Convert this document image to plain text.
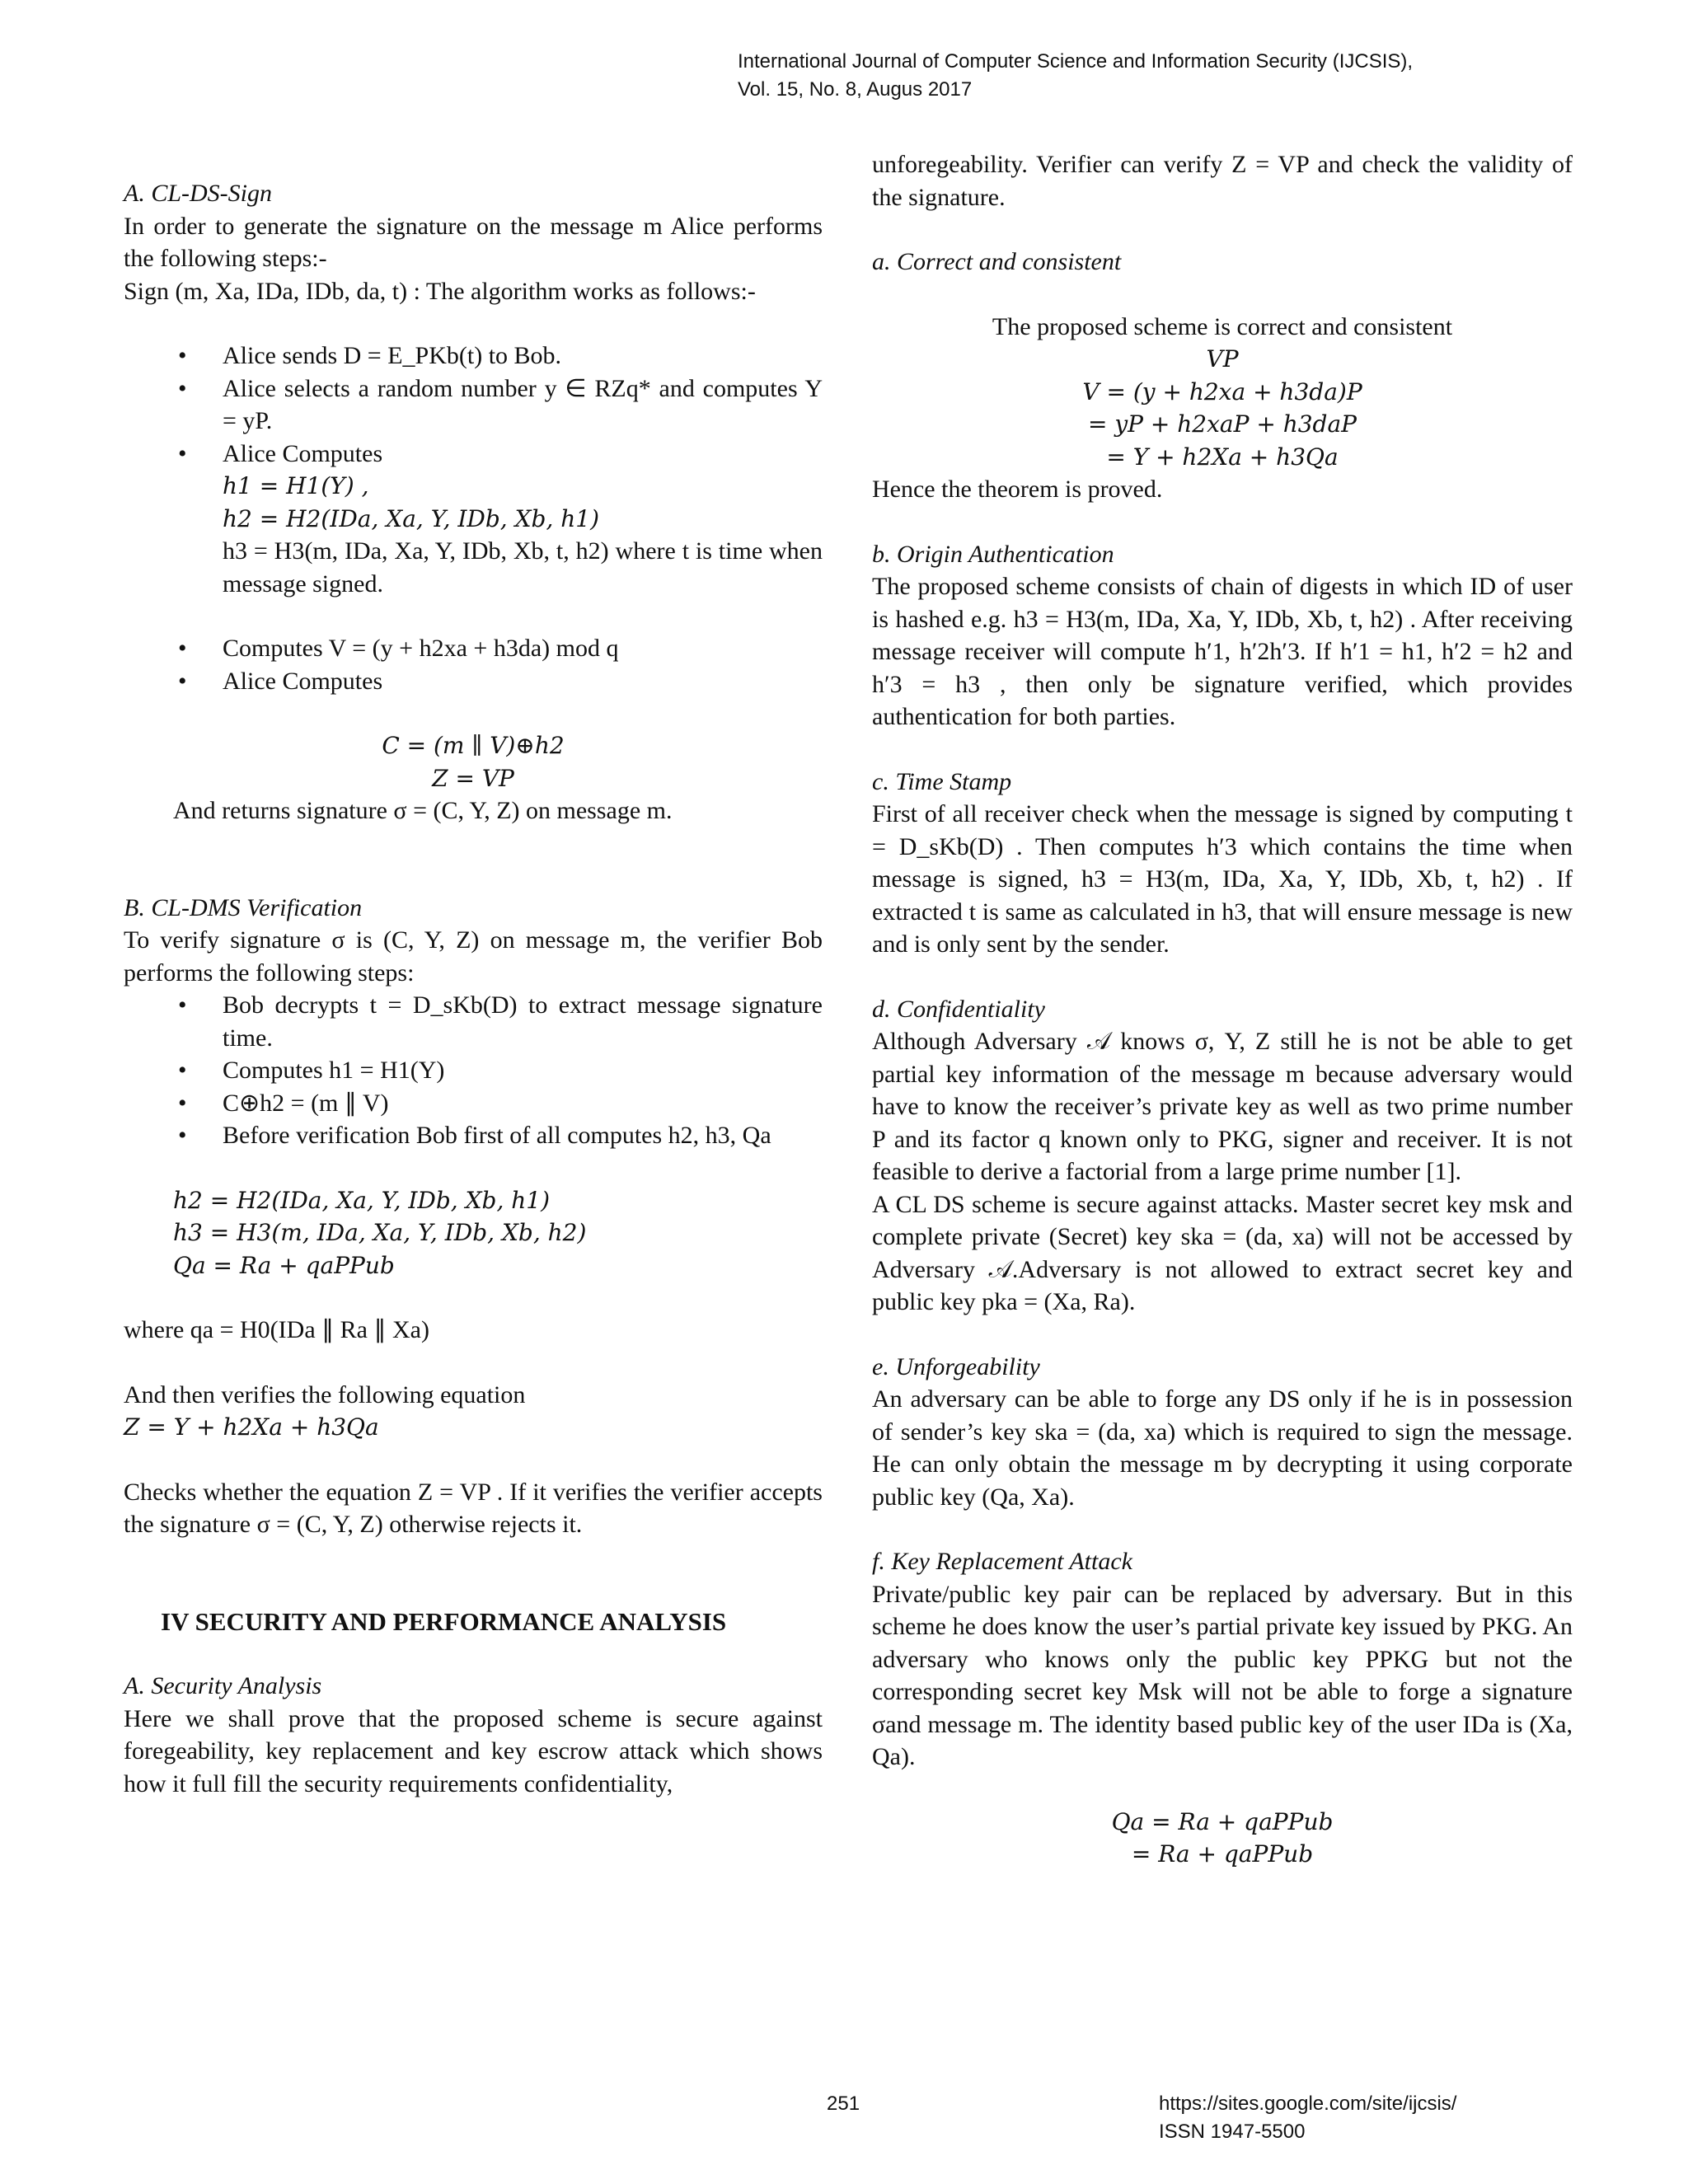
International Journal of Computer Science and Information Security (IJCSIS),
Vol. 15, No. 8, Augus 2017
A. CL-DS-Sign

In order to generate the signature on the message m Alice performs the following steps:-

Sign (m, Xa, IDa, IDb, da, t) : The algorithm works as follows:-

• Alice sends D = E_PKb(t) to Bob.
• Alice selects a random number y ∈ RZq* and computes Y = yP.
• Alice Computes
h1 = H1(Y) ,
h2 = H2(IDa, Xa, Y, IDb, Xb, h1)
h3 = H3(m, IDa, Xa, Y, IDb, Xb, t, h2) where t is time when message signed.
• Computes V = (y + h2xa + h3da) mod q
• Alice Computes
C = (m ∥ V)⊕h2
Z = VP
And returns signature σ = (C, Y, Z) on message m.
B. CL-DMS Verification

To verify signature σ is (C, Y, Z) on message m, the verifier Bob performs the following steps:

• Bob decrypts t = D_sKb(D) to extract message signature time.
• Computes h1 = H1(Y)
• C⊕h2 = (m ∥ V)
• Before verification Bob first of all computes h2, h3, Qa
h2 = H2(IDa, Xa, Y, IDb, Xb, h1)
h3 = H3(m, IDa, Xa, Y, IDb, Xb, h2)
Qa = Ra + qaPPub
where qa = H0(IDa ∥ Ra ∥ Xa)
And then verifies the following equation
Z = Y + h2Xa + h3Qa

Checks whether the equation Z = VP . If it verifies the verifier accepts the signature σ = (C, Y, Z) otherwise rejects it.

IV SECURITY AND PERFORMANCE ANALYSIS
A. Security Analysis

Here we shall prove that the proposed scheme is secure against foregeability, key replacement and key escrow attack which shows how it full fill the security requirements confidentiality,

unforegeability. Verifier can verify Z = VP and check the validity of the signature.

a. Correct and consistent
The proposed scheme is correct and consistent
VP
V = (y + h2xa + h3da)P
= yP + h2xaP + h3daP
= Y + h2Xa + h3Qa
Hence the theorem is proved.
b. Origin Authentication

The proposed scheme consists of chain of digests in which ID of user is hashed e.g. h3 = H3(m, IDa, Xa, Y, IDb, Xb, t, h2) . After receiving message receiver will compute h′1, h′2h′3. If h′1 = h1, h′2 = h2 and h′3 = h3 , then only be signature verified, which provides authentication for both parties.

c. Time Stamp

First of all receiver check when the message is signed by computing t = D_sKb(D) . Then computes h′3 which contains the time when message is signed, h3 = H3(m, IDa, Xa, Y, IDb, Xb, t, h2) . If extracted t is same as calculated in h3, that will ensure message is new and is only sent by the sender.

d. Confidentiality

Although Adversary 𝒜 knows σ, Y, Z still he is not be able to get partial key information of the message m because adversary would have to know the receiver’s private key as well as two prime number P and its factor q known only to PKG, signer and receiver. It is not feasible to derive a factorial from a large prime number [1].

A CL DS scheme is secure against attacks. Master secret key msk and complete private (Secret) key ska = (da, xa) will not be accessed by Adversary 𝒜.Adversary is not allowed to extract secret key and public key pka = (Xa, Ra).

e. Unforgeability

An adversary can be able to forge any DS only if he is in possession of sender’s key ska = (da, xa) which is required to sign the message. He can only obtain the message m by decrypting it using corporate public key (Qa, Xa).

f. Key Replacement Attack

Private/public key pair can be replaced by adversary. But in this scheme he does know the user’s partial private key issued by PKG. An adversary who knows only the public key PPKG but not the corresponding secret key Msk will not be able to forge a signature σand message m. The identity based public key of the user IDa is (Xa, Qa).

Qa = Ra + qaPPub
= Ra + qaPPub
251	https://sites.google.com/site/ijcsis/
ISSN 1947-5500
